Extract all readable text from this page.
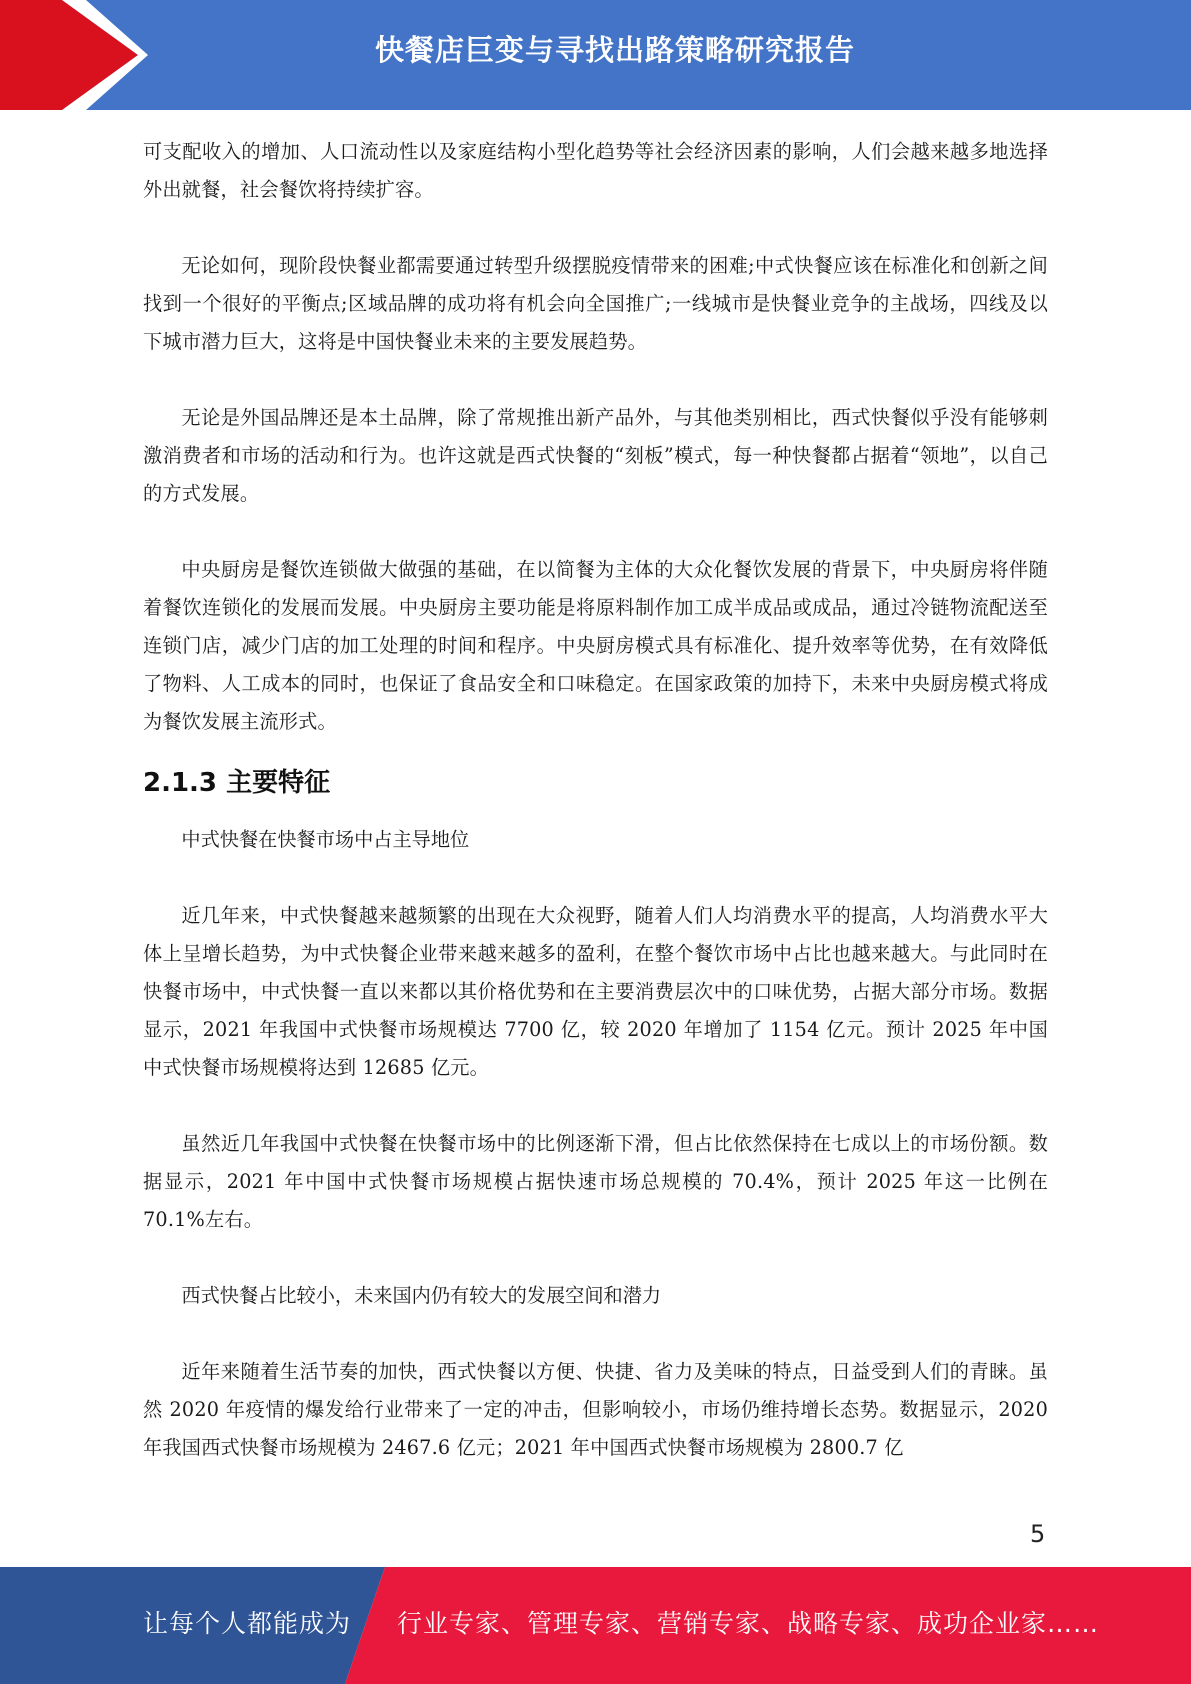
快餐店巨变与寻找出路策略研究报告

可支配收入的增加、人口流动性以及家庭结构小型化趋势等社会经济因素的影响，人们会越来越多地选择外出就餐，社会餐饮将持续扩容。

无论如何，现阶段快餐业都需要通过转型升级摆脱疫情带来的困难;中式快餐应该在标准化和创新之间找到一个很好的平衡点;区域品牌的成功将有机会向全国推广;一线城市是快餐业竞争的主战场，四线及以下城市潜力巨大，这将是中国快餐业未来的主要发展趋势。

无论是外国品牌还是本土品牌，除了常规推出新产品外，与其他类别相比，西式快餐似乎没有能够刺激消费者和市场的活动和行为。也许这就是西式快餐的“刻板”模式，每一种快餐都占据着“领地”，以自己的方式发展。

中央厨房是餐饮连锁做大做强的基础，在以简餐为主体的大众化餐饮发展的背景下，中央厨房将伴随着餐饮连锁化的发展而发展。中央厨房主要功能是将原料制作加工成半成品或成品，通过冷链物流配送至连锁门店，减少门店的加工处理的时间和程序。中央厨房模式具有标准化、提升效率等优势，在有效降低了物料、人工成本的同时，也保证了食品安全和口味稳定。在国家政策的加持下，未来中央厨房模式将成为餐饮发展主流形式。

2.1.3 主要特征

中式快餐在快餐市场中占主导地位

近几年来，中式快餐越来越频繁的出现在大众视野，随着人们人均消费水平的提高，人均消费水平大体上呈增长趋势，为中式快餐企业带来越来越多的盈利，在整个餐饮市场中占比也越来越大。与此同时在快餐市场中，中式快餐一直以来都以其价格优势和在主要消费层次中的口味优势，占据大部分市场。数据显示，2021 年我国中式快餐市场规模达 7700 亿，较 2020 年增加了 1154 亿元。预计 2025 年中国中式快餐市场规模将达到 12685 亿元。

虽然近几年我国中式快餐在快餐市场中的比例逐渐下滑，但占比依然保持在七成以上的市场份额。数据显示，2021 年中国中式快餐市场规模占据快速市场总规模的 70.4%，预计 2025 年这一比例在 70.1%左右。

西式快餐占比较小，未来国内仍有较大的发展空间和潜力

近年来随着生活节奏的加快，西式快餐以方便、快捷、省力及美味的特点，日益受到人们的青睐。虽然 2020 年疫情的爆发给行业带来了一定的冲击，但影响较小，市场仍维持增长态势。数据显示，2020 年我国西式快餐市场规模为 2467.6 亿元；2021 年中国西式快餐市场规模为 2800.7 亿

5
让每个人都能成为 行业专家、管理专家、营销专家、战略专家、成功企业家……
